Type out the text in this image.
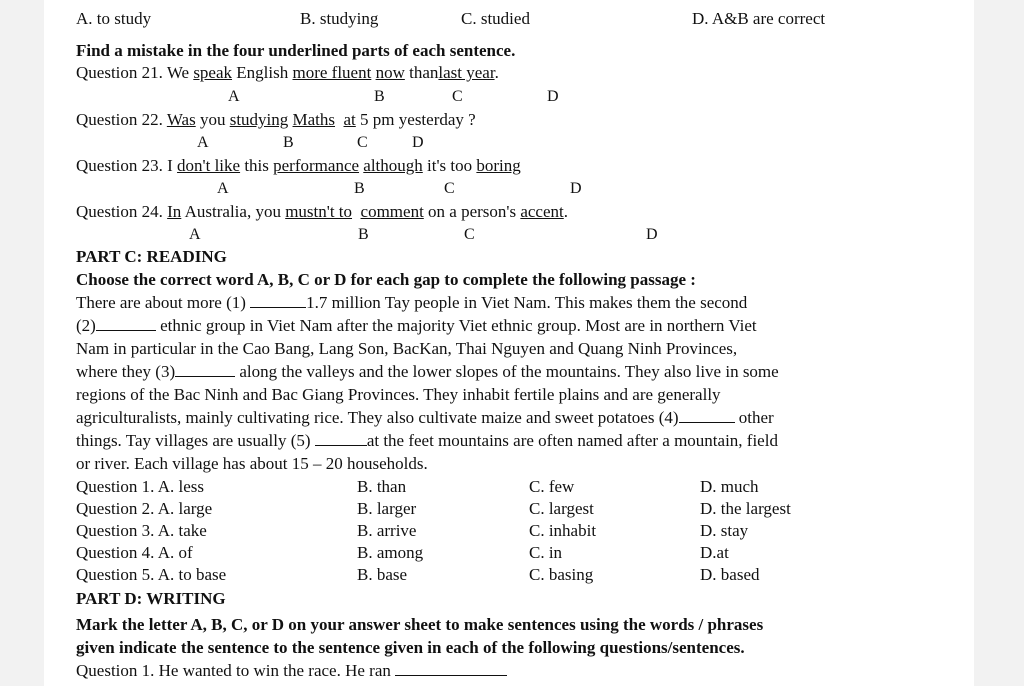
A. to study	B. studying	C. studied	D. A&B are correct
Find a mistake in the four underlined parts of each sentence.
Question 21. We speak English more fluent now thanlast year.
A	B	C	D
Question 22. Was you studying Maths at 5 pm yesterday ?
A	B	C	D
Question 23. I don't like this performance although it's too boring
A	B	C	D
Question 24. In Australia, you mustn't to comment on a person's accent.
A	B	C	D
PART C: READING
Choose the correct word A, B, C or D for each gap to complete the following passage :
There are about more (1)	1.7 million Tay people in Viet Nam. This makes them the second
(2)	ethnic group in Viet Nam after the majority Viet ethnic group. Most are in northern Viet
Nam in particular in the Cao Bang, Lang Son, BacKan, Thai Nguyen and Quang Ninh Provinces,
where they (3)	along the valleys and the lower slopes of the mountains. They also live in some
regions of the Bac Ninh and Bac Giang Provinces. They inhabit fertile plains and are generally
agriculturalists, mainly cultivating rice. They also cultivate maize and sweet potatoes (4)	other
things. Tay villages are usually (5)	at the feet mountains are often named after a mountain, field
or river. Each village has about 15 – 20 households.
Question 1. A. less	B. than	C. few	D. much
Question 2. A. large	B. larger	C. largest	D. the largest
Question 3. A. take	B. arrive	C. inhabit	D. stay
Question 4. A. of	B. among	C. in	D.at
Question 5. A. to base	B. base	C. basing	D. based
PART D: WRITING
Mark the letter A, B, C, or D on your answer sheet to make sentences using the words / phrases
given indicate the sentence to the sentence given in each of the following questions/sentences.
Question 1. He wanted to win the race. He ran
